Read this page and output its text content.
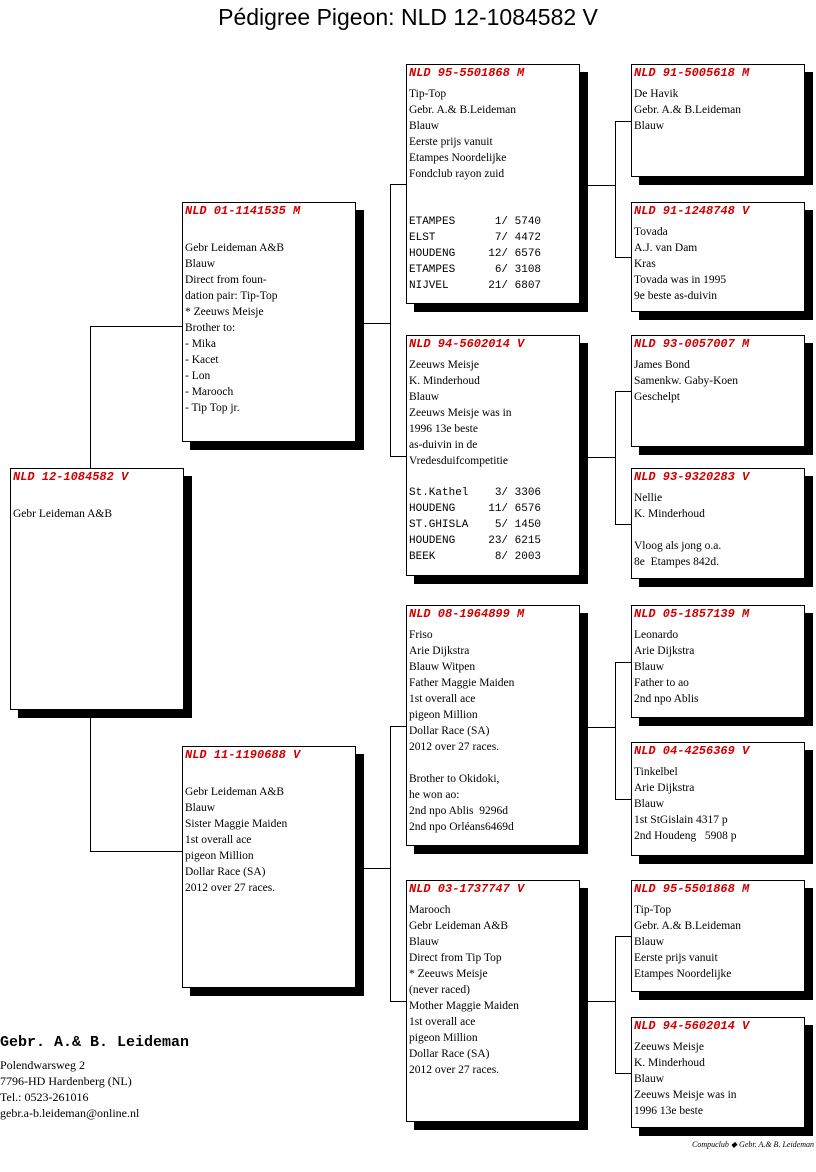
Pédigree Pigeon: NLD 12-1084582 V
NLD 12-1084582 V
Gebr Leideman A&B
NLD 01-1141535 M
Gebr Leideman A&B
Blauw
Direct from foun-
dation pair: Tip-Top
* Zeeuws Meisje
Brother to:
- Mika
- Kacet
- Lon
- Marooch
- Tip Top jr.
NLD 11-1190688 V
Gebr Leideman A&B
Blauw
Sister Maggie Maiden
1st overall ace
pigeon Million
Dollar Race (SA)
2012 over 27 races.
NLD 95-5501868 M
Tip-Top
Gebr. A.& B.Leideman
Blauw
Eerste prijs vanuit
Etampes Noordelijke
Fondclub rayon zuid
ETAMPES      1/ 5740
ELST         7/ 4472
HOUDENG     12/ 6576
ETAMPES      6/ 3108
NIJVEL      21/ 6807
NLD 94-5602014 V
Zeeuws Meisje
K. Minderhoud
Blauw
Zeeuws Meisje was in
1996 13e beste
as-duivin in de
Vredesduifcompetitie
St.Kathel    3/ 3306
HOUDENG     11/ 6576
ST.GHISLA    5/ 1450
HOUDENG     23/ 6215
BEEK         8/ 2003
NLD 08-1964899 M
Friso
Arie Dijkstra
Blauw Witpen
Father Maggie Maiden
1st overall ace
pigeon Million
Dollar Race (SA)
2012 over 27 races.
Brother to Okidoki,
he won ao:
2nd npo Ablis  9296d
2nd npo Orléans6469d
NLD 03-1737747 V
Marooch
Gebr Leideman A&B
Blauw
Direct from Tip Top
* Zeeuws Meisje
(never raced)
Mother Maggie Maiden
1st overall ace
pigeon Million
Dollar Race (SA)
2012 over 27 races.
NLD 91-5005618 M
De Havik
Gebr. A.& B.Leideman
Blauw
NLD 91-1248748 V
Tovada
A.J. van Dam
Kras
Tovada was in 1995
9e beste as-duivin
NLD 93-0057007 M
James Bond
Samenkw. Gaby-Koen
Geschelpt
NLD 93-9320283 V
Nellie
K. Minderhoud
Vloog als jong o.a.
8e  Etampes 842d.
NLD 05-1857139 M
Leonardo
Arie Dijkstra
Blauw
Father to ao
2nd npo Ablis
NLD 04-4256369 V
Tinkelbel
Arie Dijkstra
Blauw
1st StGislain 4317 p
2nd Houdeng   5908 p
NLD 95-5501868 M
Tip-Top
Gebr. A.& B.Leideman
Blauw
Eerste prijs vanuit
Etampes Noordelijke
NLD 94-5602014 V
Zeeuws Meisje
K. Minderhoud
Blauw
Zeeuws Meisje was in
1996 13e beste
Gebr. A.& B. Leideman
Polendwarsweg 2
7796-HD Hardenberg (NL)
Tel.: 0523-261016
gebr.a-b.leideman@online.nl
Compuclub ◆ Gebr. A.& B. Leideman
